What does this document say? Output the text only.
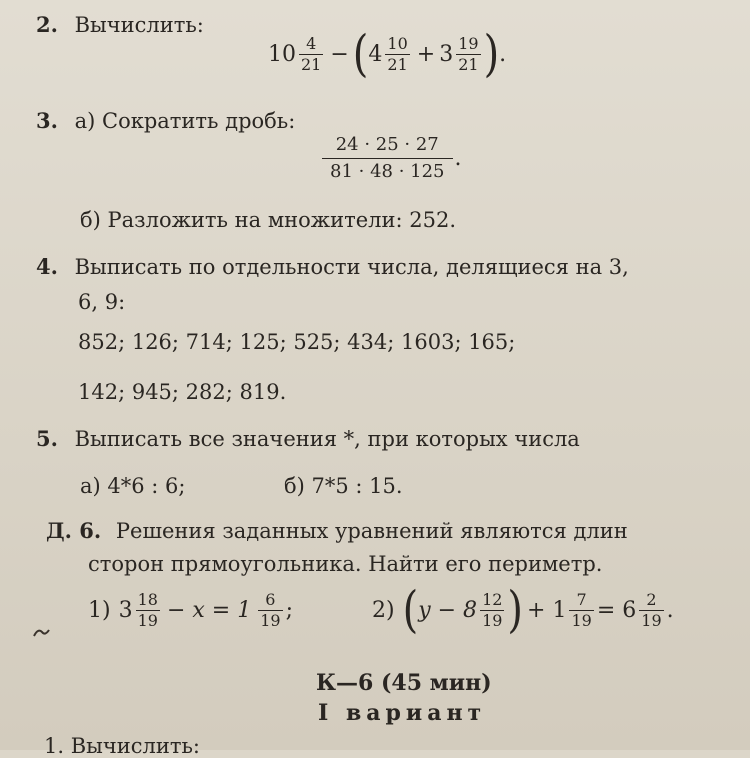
2. Вычислить:
$10 \frac{4}{21}$ − ( $4 \frac{10}{21} + 3 \frac{19}{21}$ ) .
3. а) Сократить дробь:
$\frac{24 \cdot 25 \cdot 27}{81 \cdot 48 \cdot 125}$ .
б) Разложить на множители: 252.
4. Выписать по отдельности числа, делящиеся на 3,
6, 9:
852; 126; 714; 125; 525; 434; 1603; 165;
142; 945; 282; 819.
5. Выписать все значения *, при которых числа
а) 4*6 : 6;	б) 7*5 : 15.
Д. 6. Решения заданных уравнений являются длин
сторон прямоугольника. Найти его периметр.
1) $3 \frac{18}{19} - x = 1 \frac{6}{19}$ ;	2) ( $y - 8 \frac{12}{19}$ ) + $1 \frac{7}{19} = 6 \frac{2}{19}$ .
К—6 (45 мин)
I вариант
1. Вычислить:
